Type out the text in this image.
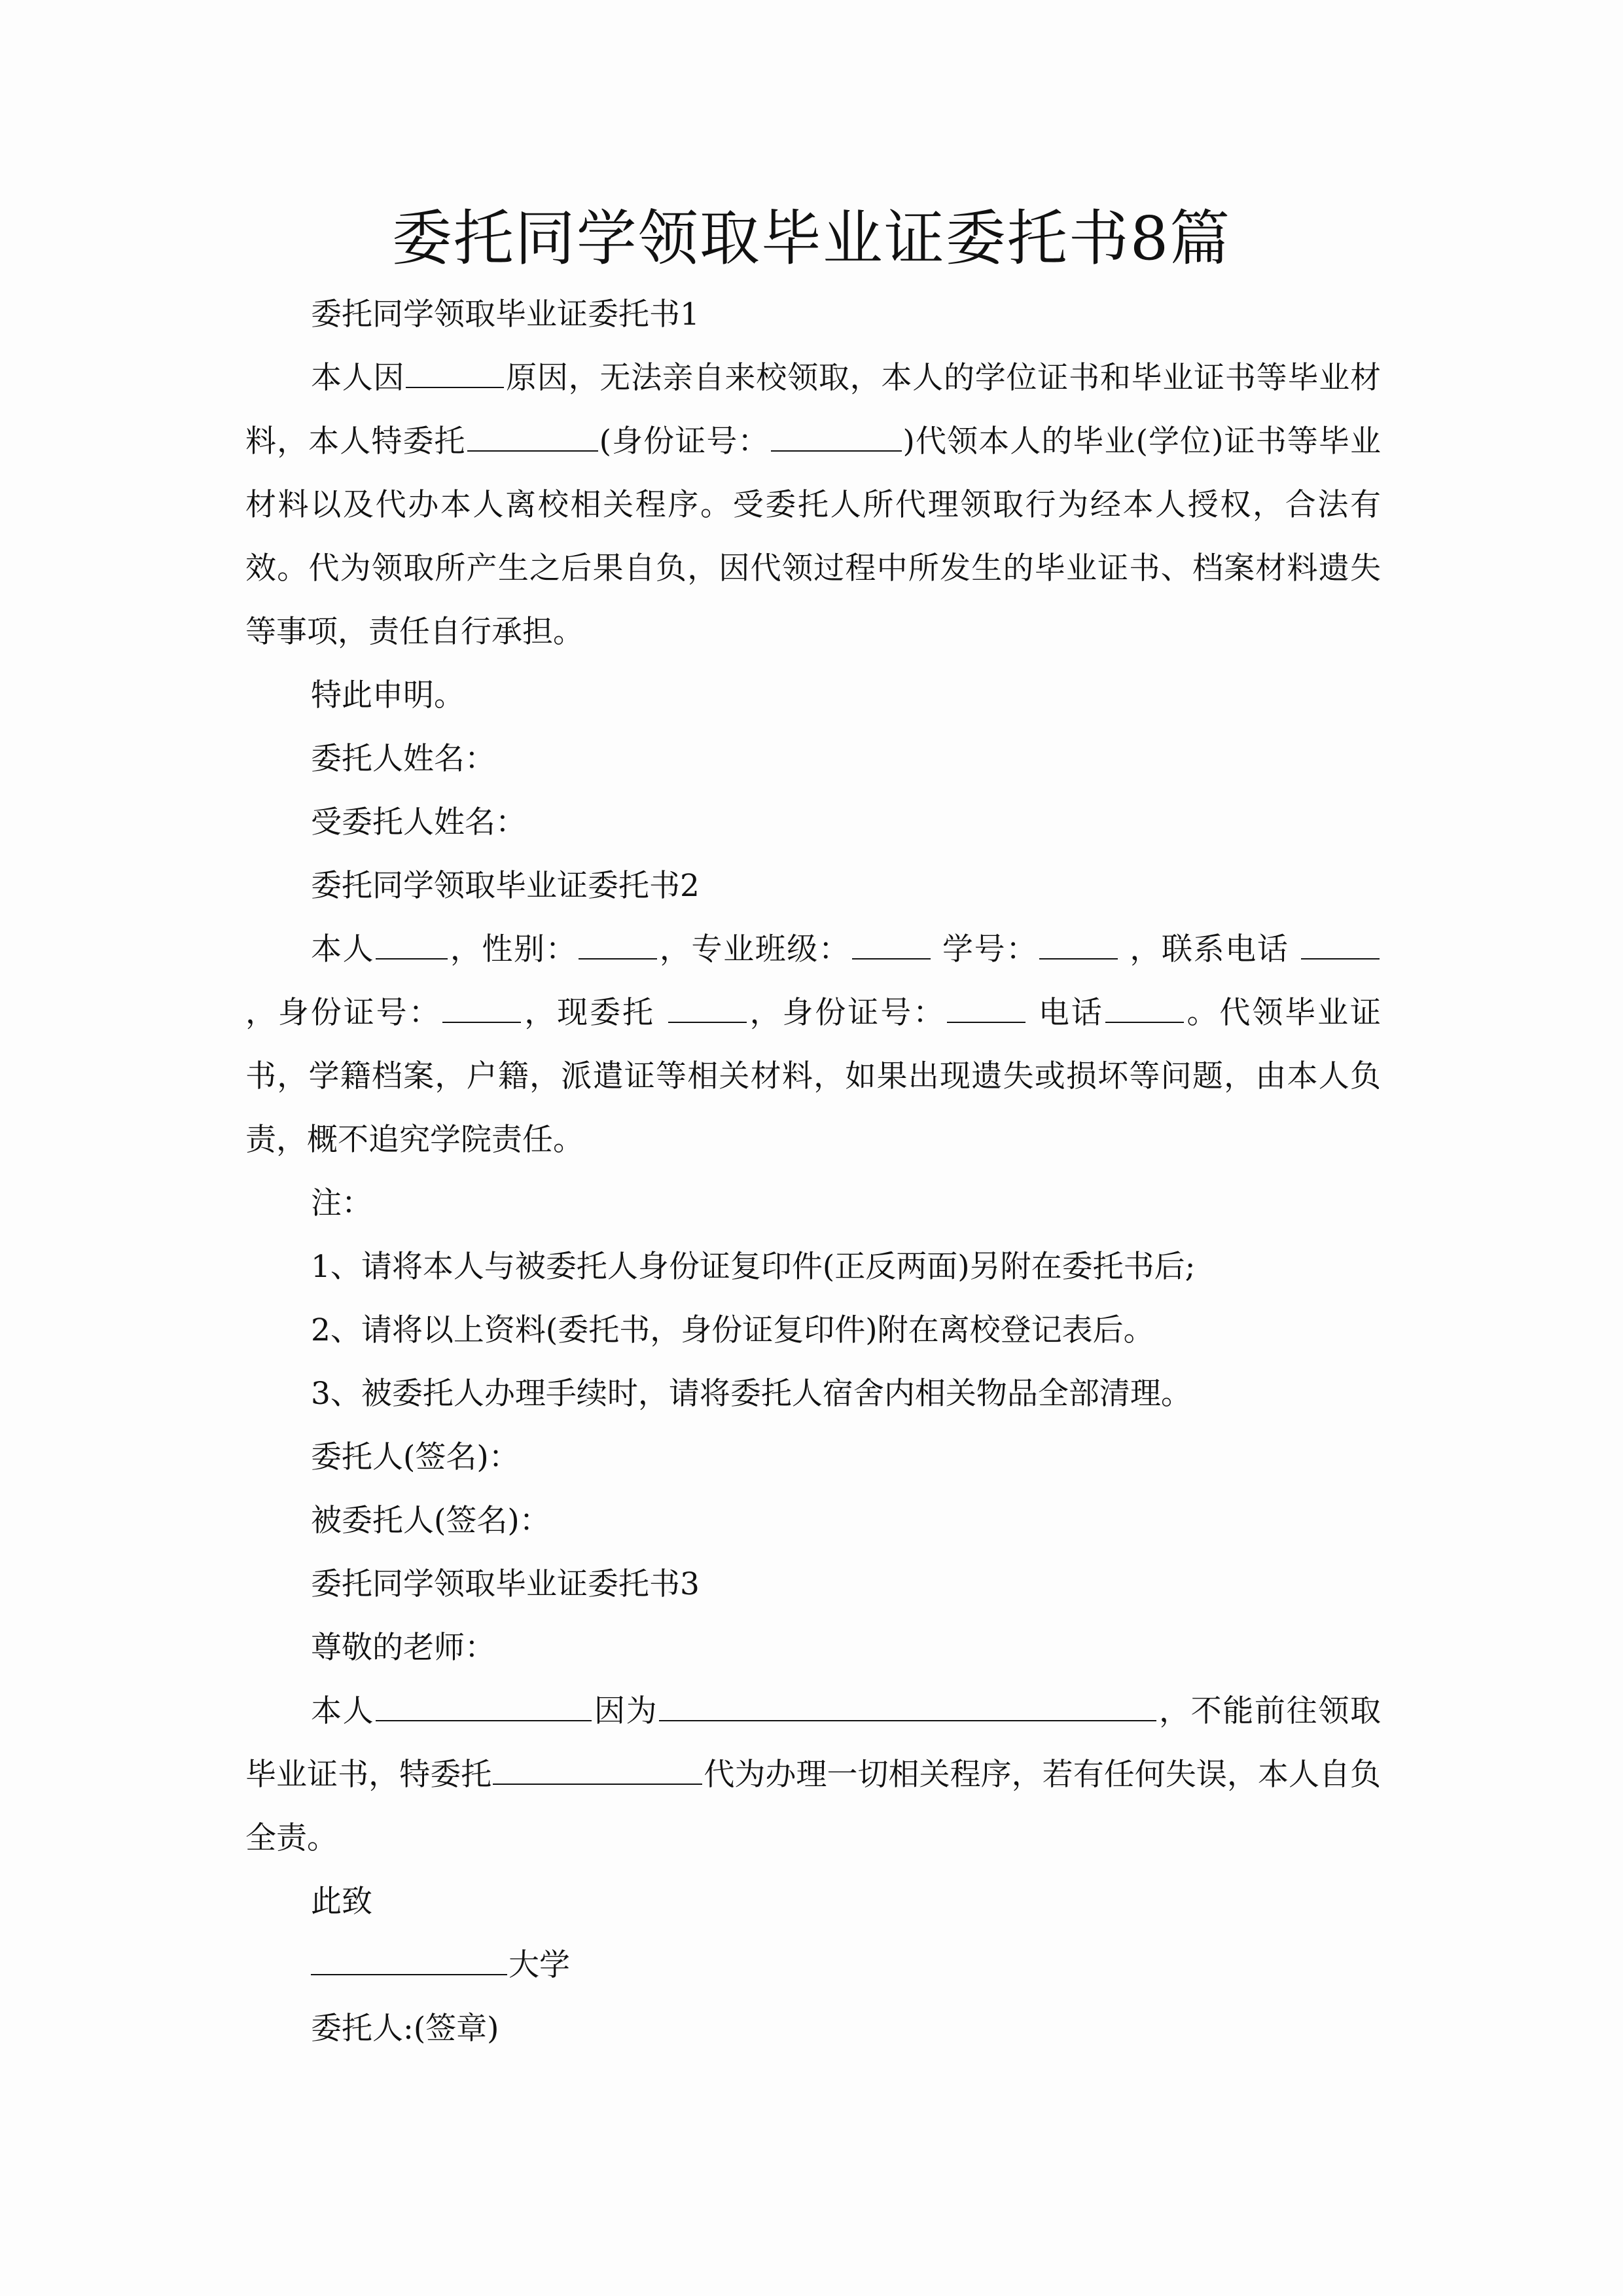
委托同学领取毕业证委托书8篇

委托同学领取毕业证委托书1

本人因	原因，无法亲自来校领取，本人的学位证书和毕业证书等毕业材料，本人特委托	(身份证号：	)代领本人的毕业(学位)证书等毕业材料以及代办本人离校相关程序。受委托人所代理领取行为经本人授权，合法有效。代为领取所产生之后果自负，因代领过程中所发生的毕业证书、档案材料遗失等事项，责任自行承担。

特此申明。

委托人姓名：

受委托人姓名：

委托同学领取毕业证委托书2

本人 ，性别：	，专业班级：	学号：	，联系电话 ，身份证号：	，现委托	，身份证号：	电话	。代领毕业证书，学籍档案，户籍，派遣证等相关材料，如果出现遗失或损坏等问题，由本人负责，概不追究学院责任。

注：

1、请将本人与被委托人身份证复印件(正反两面)另附在委托书后;

2、请将以上资料(委托书，身份证复印件)附在离校登记表后。

3、被委托人办理手续时，请将委托人宿舍内相关物品全部清理。

委托人(签名)：

被委托人(签名)：

委托同学领取毕业证委托书3

尊敬的老师：

本人	因为	，不能前往领取毕业证书，特委托	代为办理一切相关程序，若有任何失误，本人自负全责。

此致

大学

委托人:(签章)
